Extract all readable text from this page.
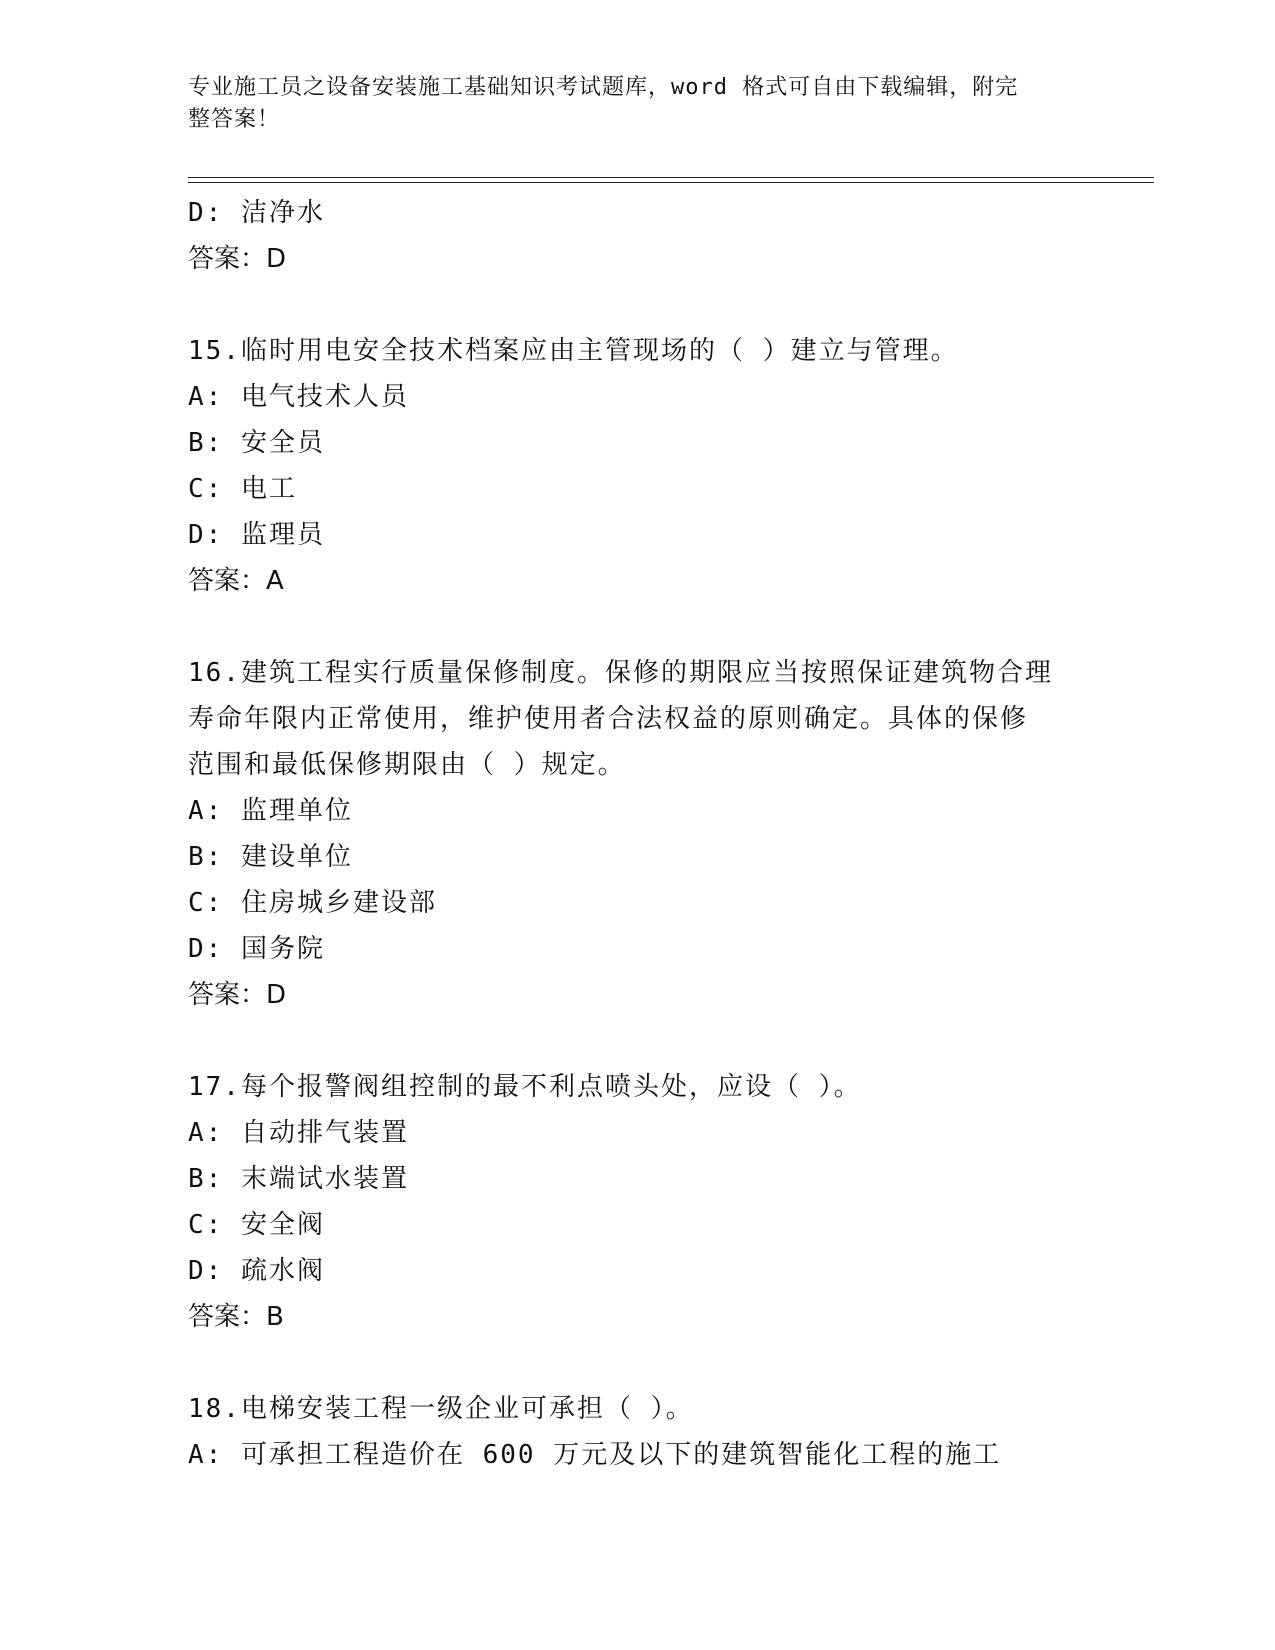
专业施工员之设备安装施工基础知识考试题库，word 格式可自由下载编辑，附完
整答案！
D: 洁净水
答案：D
15.临时用电安全技术档案应由主管现场的（ ）建立与管理。
A: 电气技术人员
B: 安全员
C: 电工
D: 监理员
答案：A
16.建筑工程实行质量保修制度。保修的期限应当按照保证建筑物合理
寿命年限内正常使用，维护使用者合法权益的原则确定。具体的保修
范围和最低保修期限由（ ）规定。
A: 监理单位
B: 建设单位
C: 住房城乡建设部
D: 国务院
答案：D
17.每个报警阀组控制的最不利点喷头处，应设（ ）。
A: 自动排气装置
B: 末端试水装置
C: 安全阀
D: 疏水阀
答案：B
18.电梯安装工程一级企业可承担（ ）。
A: 可承担工程造价在 600 万元及以下的建筑智能化工程的施工
